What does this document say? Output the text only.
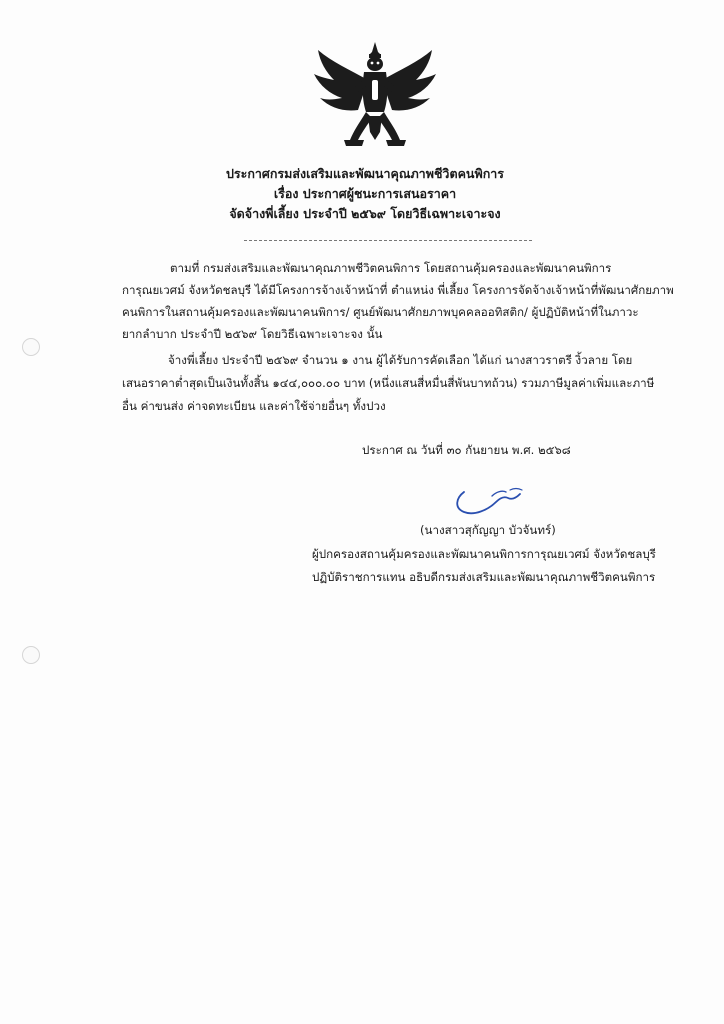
ประกาศกรมส่งเสริมและพัฒนาคุณภาพชีวิตคนพิการ
เรื่อง ประกาศผู้ชนะการเสนอราคา
จัดจ้างพี่เลี้ยง ประจำปี ๒๕๖๙ โดยวิธีเฉพาะเจาะจง
ตามที่ กรมส่งเสริมและพัฒนาคุณภาพชีวิตคนพิการ โดยสถานคุ้มครองและพัฒนาคนพิการ
การุณยเวศม์ จังหวัดชลบุรี ได้มีโครงการจ้างเจ้าหน้าที่ ตำแหน่ง พี่เลี้ยง โครงการจัดจ้างเจ้าหน้าที่พัฒนาศักยภาพ
คนพิการในสถานคุ้มครองและพัฒนาคนพิการ/ ศูนย์พัฒนาศักยภาพบุคคลออทิสติก/ ผู้ปฏิบัติหน้าที่ในภาวะ
ยากลำบาก ประจำปี ๒๕๖๙ โดยวิธีเฉพาะเจาะจง นั้น
จ้างพี่เลี้ยง ประจำปี ๒๕๖๙ จำนวน ๑ งาน ผู้ได้รับการคัดเลือก ได้แก่ นางสาวราตรี งิ้วลาย โดย
เสนอราคาต่ำสุดเป็นเงินทั้งสิ้น ๑๔๔,๐๐๐.๐๐ บาท (หนึ่งแสนสี่หมื่นสี่พันบาทถ้วน) รวมภาษีมูลค่าเพิ่มและภาษี
อื่น ค่าขนส่ง ค่าจดทะเบียน และค่าใช้จ่ายอื่นๆ ทั้งปวง
ประกาศ ณ วันที่ ๓๐ กันยายน พ.ศ. ๒๕๖๘
(นางสาวสุกัญญา บัวจันทร์)
ผู้ปกครองสถานคุ้มครองและพัฒนาคนพิการการุณยเวศม์ จังหวัดชลบุรี
ปฏิบัติราชการแทน อธิบดีกรมส่งเสริมและพัฒนาคุณภาพชีวิตคนพิการ
